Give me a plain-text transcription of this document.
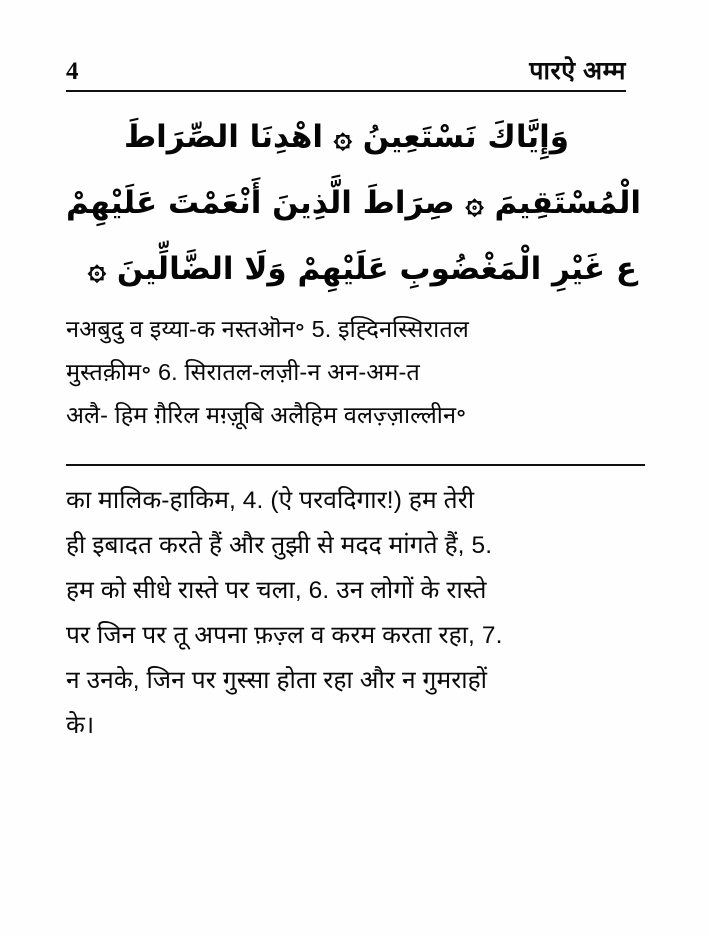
4	पारऐ अम्म
وَإِيَّاكَ نَسْتَعِينُ ۞ اهْدِنَا الصِّرَاطَ
الْمُسْتَقِيمَ ۞ صِرَاطَ الَّذِينَ أَنْعَمْتَ عَلَيْهِمْ
ع غَيْرِ الْمَغْضُوبِ عَلَيْهِمْ وَلَا الضَّالِّينَ ۞
नअबुदु व इय्या-क नस्तऒन॰ 5. इह्दिनस्सिरातल
मुस्तक़ीम॰ 6. सिरातल-लज़ी-न अन-अम-त
अलै- हिम ग़ैरिल मग़्ज़ूबि अलैहिम वलज़्ज़ाल्लीन॰
का मालिक-हाकिम, 4. (ऐ परवदिगार!) हम तेरी
ही इबादत करते हैं और तुझी से मदद मांगते हैं, 5.
हम को सीधे रास्ते पर चला, 6. उन लोगों के रास्ते
पर जिन पर तू अपना फ़ज़्ल व करम करता रहा, 7.
न उनके, जिन पर गुस्सा होता रहा और न गुमराहों
के।
